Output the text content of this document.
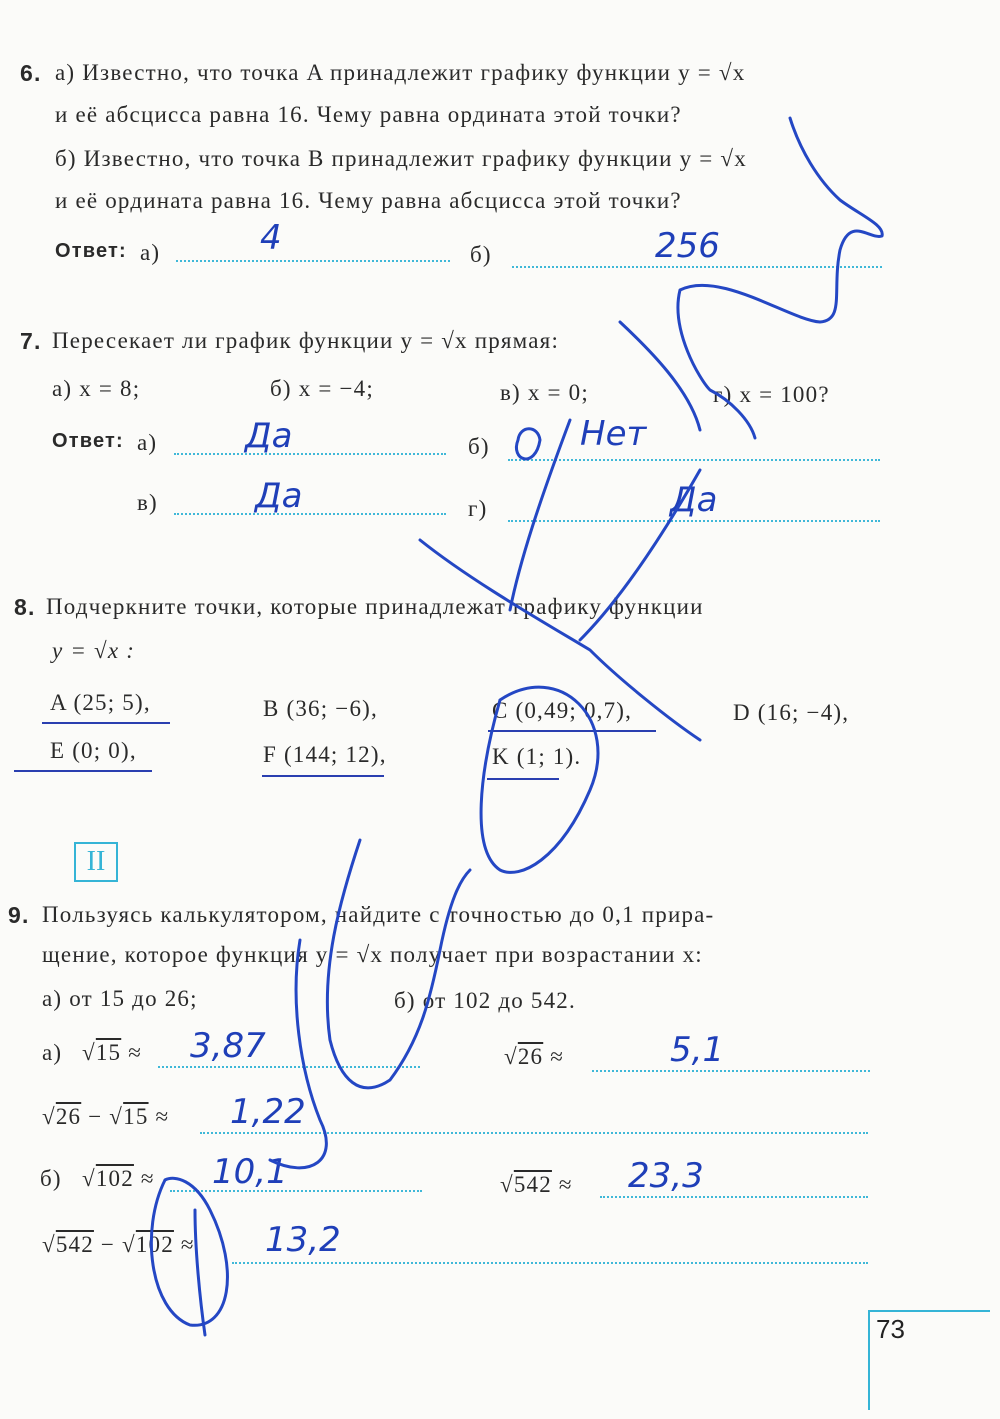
6. а) Известно, что точка A принадлежит графику функции y = √x
и её абсцисса равна 16. Чему равна ордината этой точки?
б) Известно, что точка B принадлежит графику функции y = √x
и её ордината равна 16. Чему равна абсцисса этой точки?
Ответ: а)	4	б)	256
7. Пересекает ли график функции y = √x прямая:
а) x = 8;	б) x = −4;	в) x = 0;	г) x = 100?
Ответ: а)	Да	б)	Нет
в)	Да	г)	Да
8. Подчеркните точки, которые принадлежат графику функции
y = √x :
A (25; 5),	B (36; −6),	C (0,49; 0,7),	D (16; −4),
E (0; 0),	F (144; 12),	K (1; 1).
II
9. Пользуясь калькулятором, найдите с точностью до 0,1 прира-
щение, которое функция y = √x получает при возрастании x:
а) от 15 до 26;	б) от 102 до 542.
а) √15 ≈ 3,87	√26 ≈	5,1
√26 − √15 ≈ 1,22
б) √102 ≈ 10,1	√542 ≈ 23,3
√542 − √102 ≈ 13,2
73
